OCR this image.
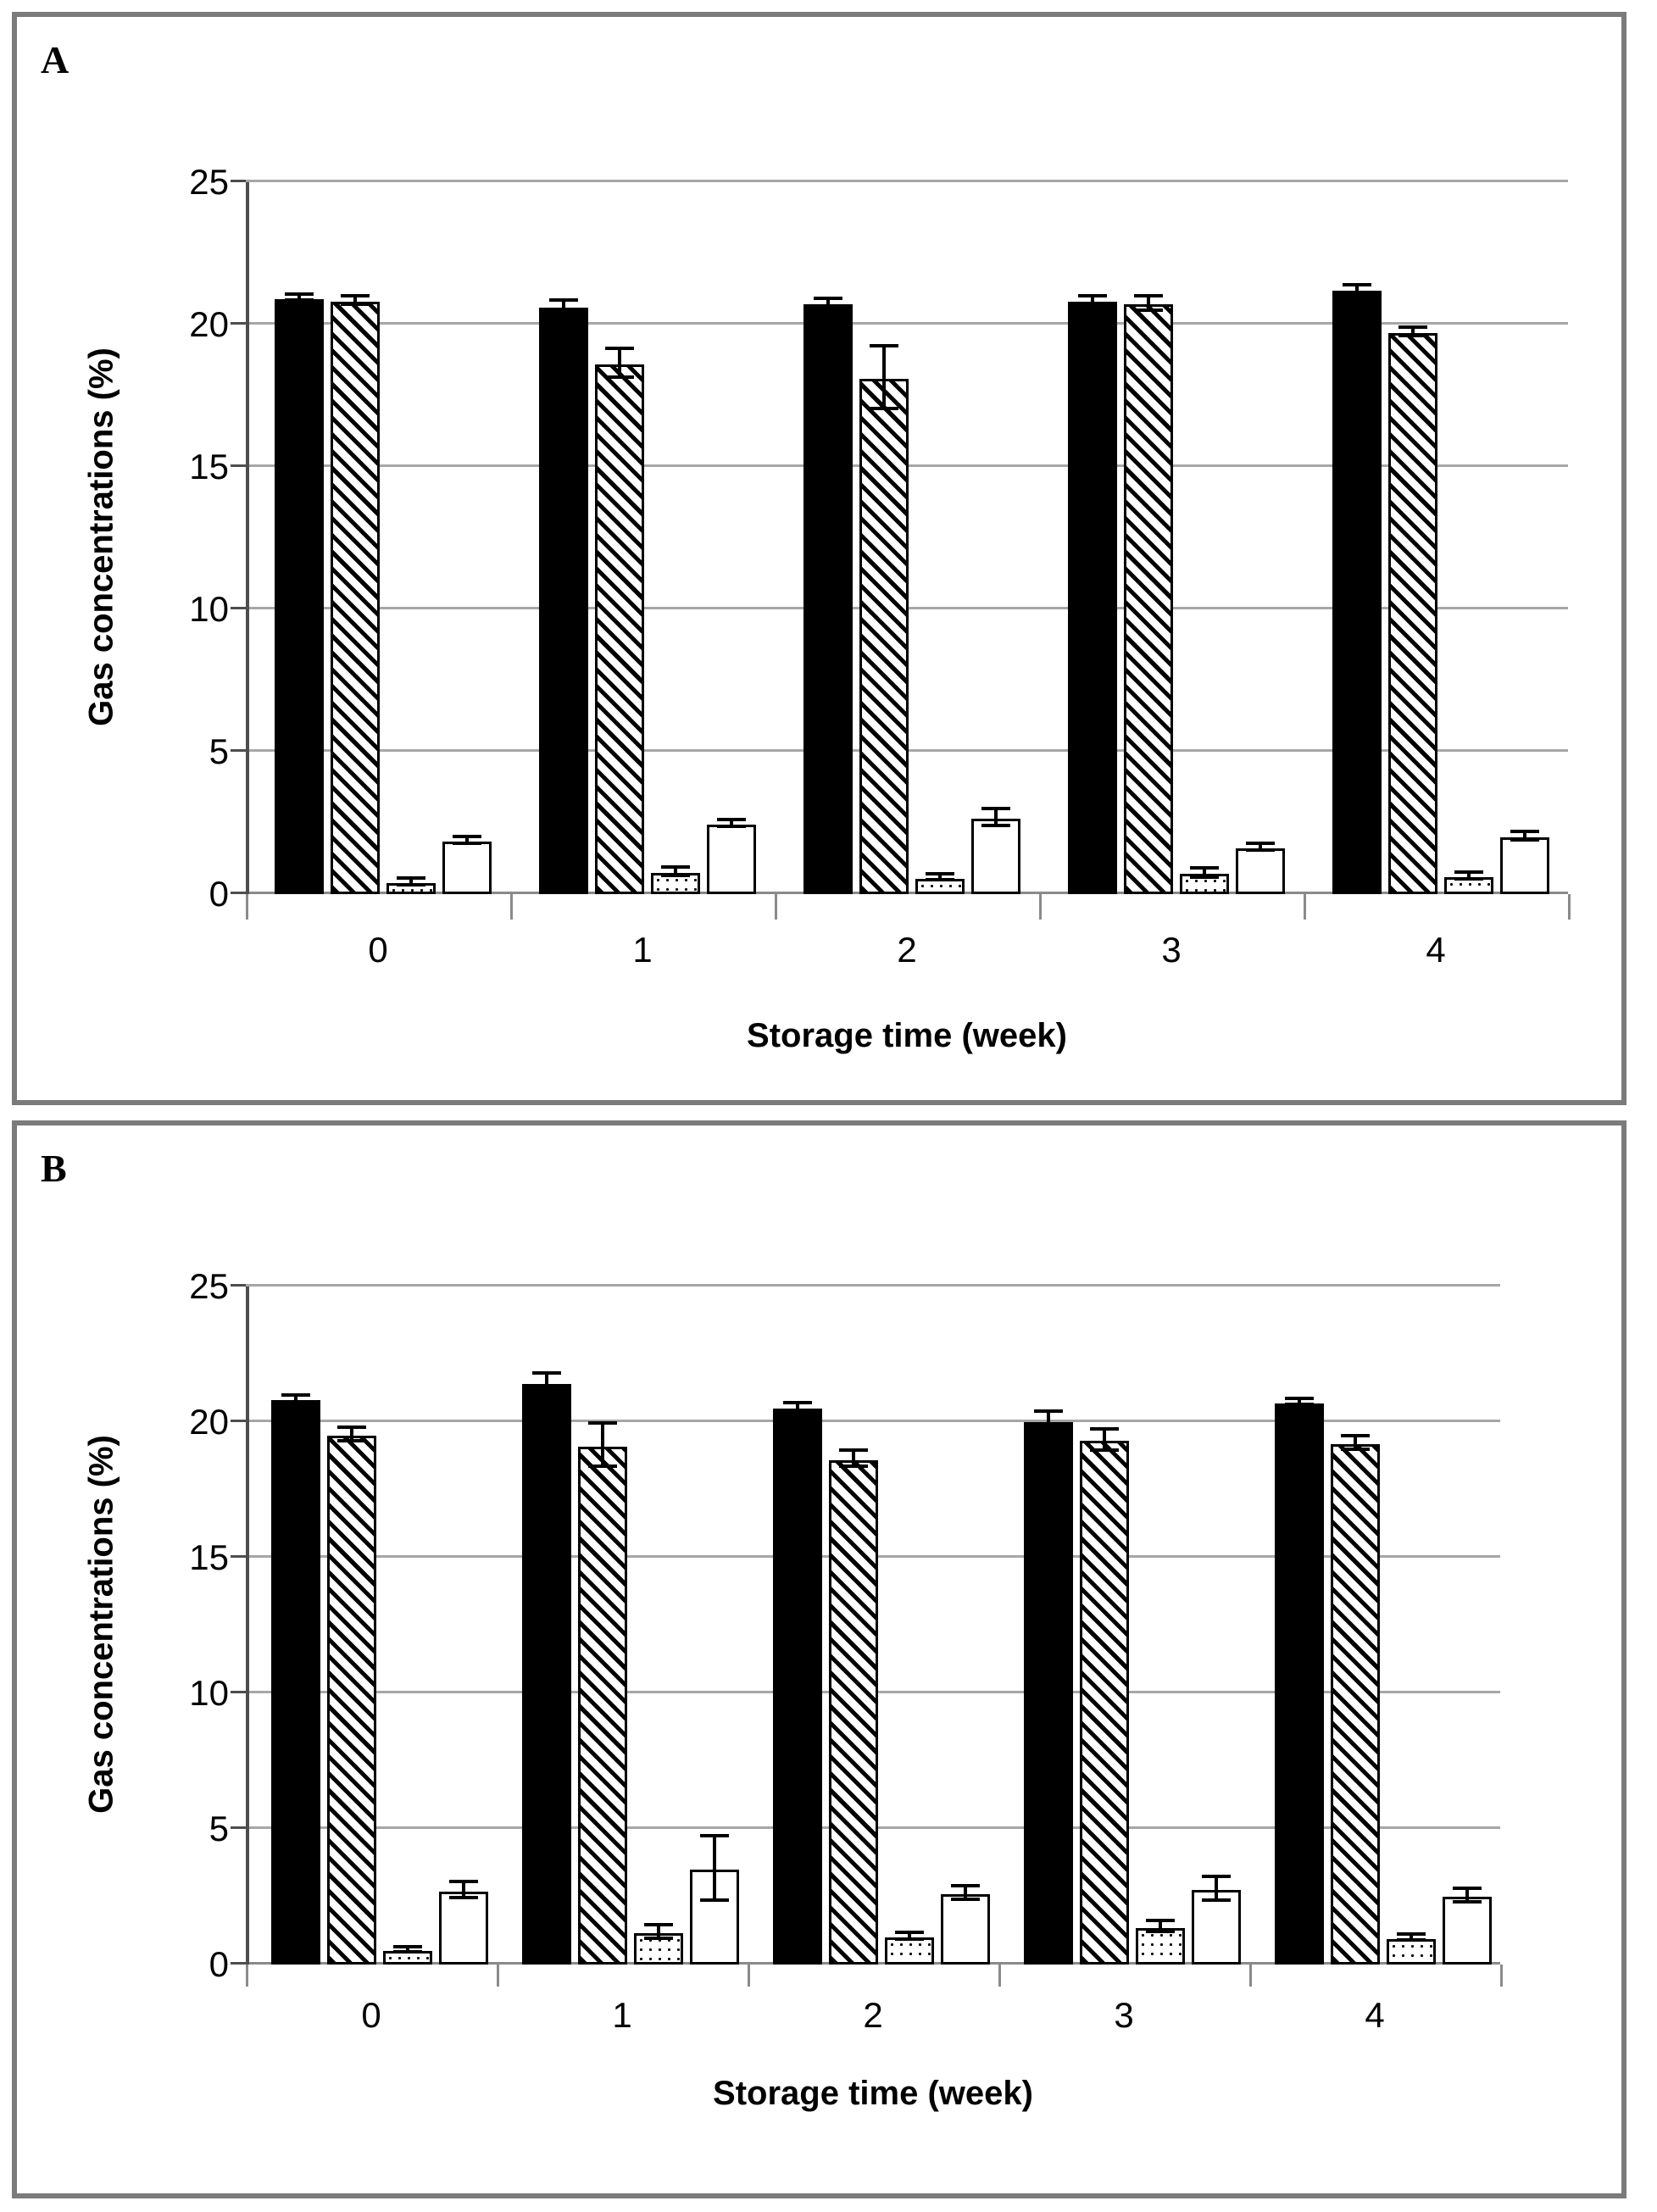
A
0
5
10
15
20
25
Gas concentrations (%)
Storage time (week)
0	1	2	3	4
B
0
5
10
15
20
25
Gas concentrations (%)
Storage time (week)
0	1	2	3	4
